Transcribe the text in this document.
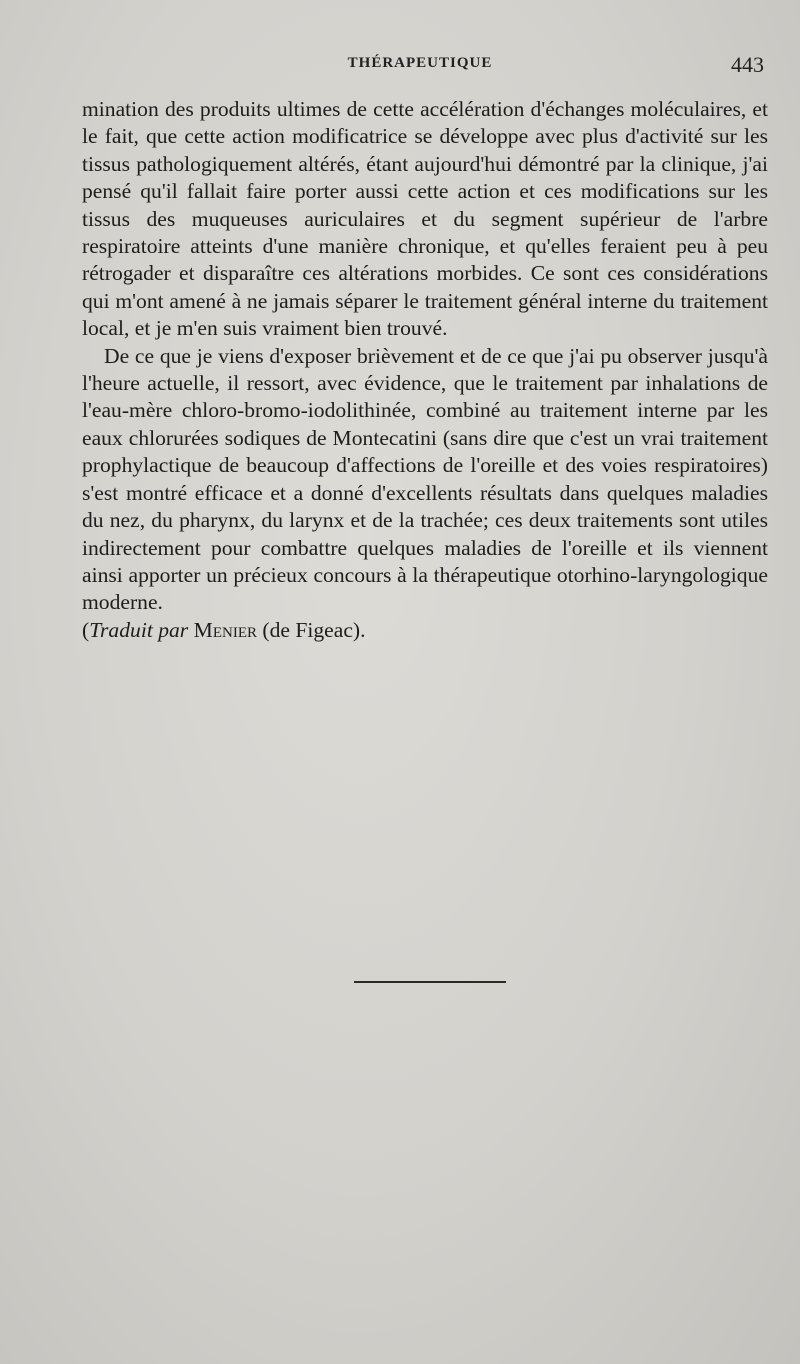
THÉRAPEUTIQUE	443

mination des produits ultimes de cette accélération d'échanges moléculaires, et le fait, que cette action modificatrice se développe avec plus d'activité sur les tissus pathologiquement altérés, étant aujourd'hui démontré par la clinique, j'ai pensé qu'il fallait faire porter aussi cette action et ces modifications sur les tissus des muqueuses auriculaires et du segment supérieur de l'arbre respiratoire atteints d'une manière chronique, et qu'elles feraient peu à peu rétrogader et disparaître ces altérations morbides. Ce sont ces considérations qui m'ont amené à ne jamais séparer le traitement général interne du traitement local, et je m'en suis vraiment bien trouvé.

De ce que je viens d'exposer brièvement et de ce que j'ai pu observer jusqu'à l'heure actuelle, il ressort, avec évidence, que le traitement par inhalations de l'eau-mère chloro-bromo-iodolithinée, combiné au traitement interne par les eaux chlorurées sodiques de Montecatini (sans dire que c'est un vrai traitement prophylactique de beaucoup d'affections de l'oreille et des voies respiratoires) s'est montré efficace et a donné d'excellents résultats dans quelques maladies du nez, du pharynx, du larynx et de la trachée; ces deux traitements sont utiles indirectement pour combattre quelques maladies de l'oreille et ils viennent ainsi apporter un précieux concours à la thérapeutique otorhino-laryngologique moderne.

(Traduit par Menier (de Figeac).
